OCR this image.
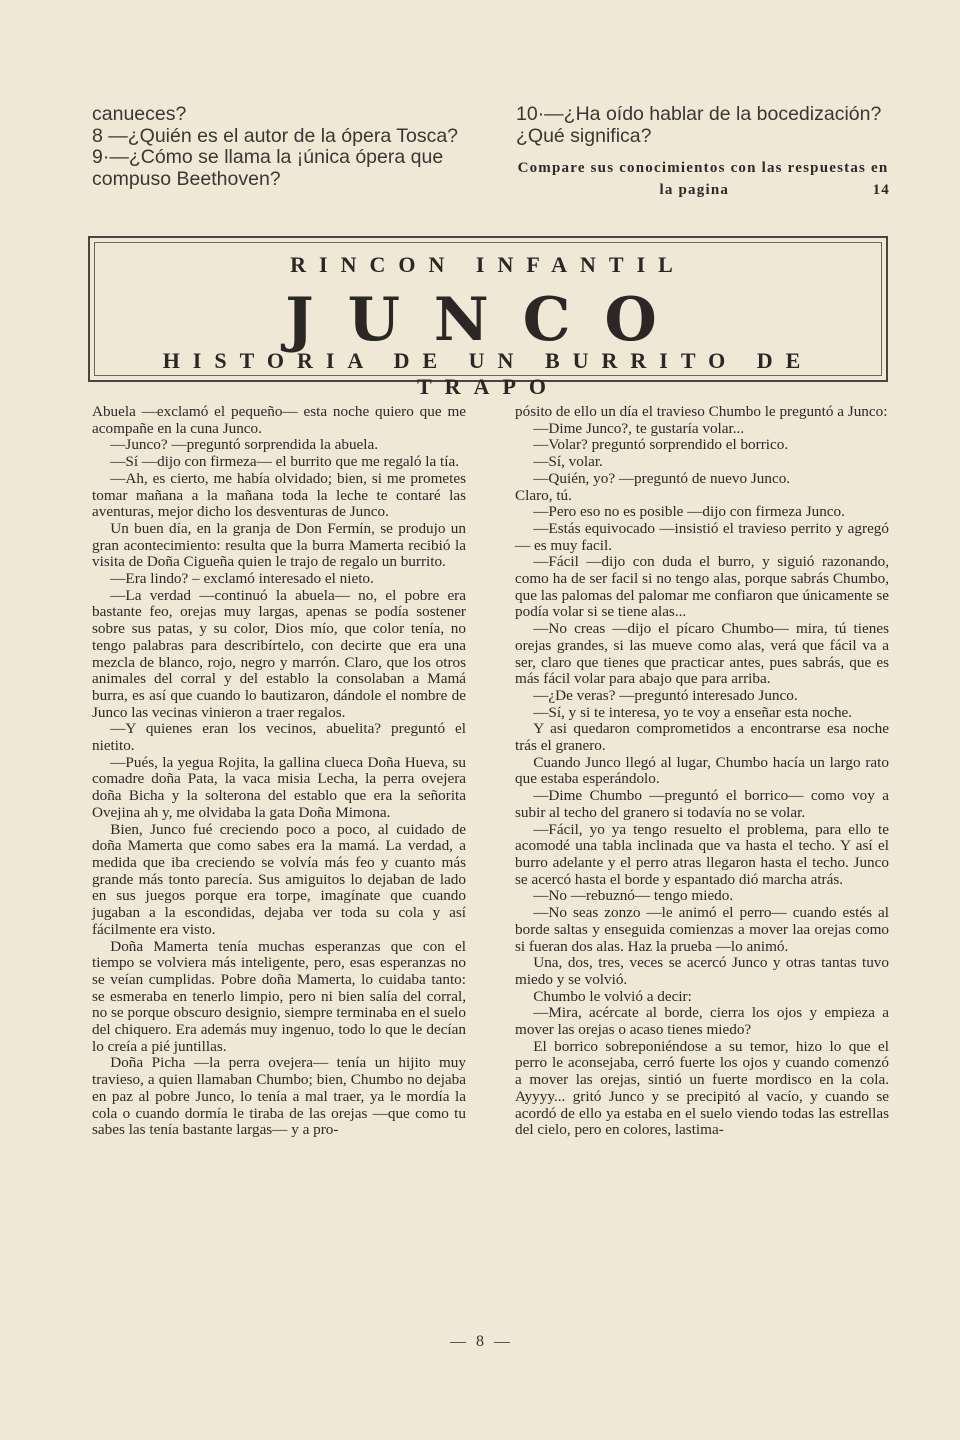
canueces?

8 —¿Quién es el autor de la ópera Tosca?

9·—¿Cómo se llama la ¡única ópera que compuso Beethoven?

10·—¿Ha oído hablar de la bocedización? ¿Qué significa?

Compare sus conocimientos con las respuestas en la pagina	14

RINCON INFANTIL
JUNCO
HISTORIA DE UN BURRITO DE TRAPO

Abuela —exclamó el pequeño— esta noche quiero que me acompañe en la cuna Junco.

—Junco? —preguntó sorprendida la abuela.

—Sí —dijo con firmeza— el burrito que me regaló la tía.

—Ah, es cierto, me había olvidado; bien, si me prometes tomar mañana a la mañana toda la leche te contaré las aventuras, mejor dicho los desventuras de Junco.

Un buen día, en la granja de Don Fermín, se produjo un gran acontecimiento: resulta que la burra Mamerta recibió la visita de Doña Cigueña quien le trajo de regalo un burrito.

—Era lindo? – exclamó interesado el nieto.

—La verdad —continuó la abuela— no, el pobre era bastante feo, orejas muy largas, apenas se podía sostener sobre sus patas, y su color, Dios mío, que color tenía, no tengo palabras para describírtelo, con decirte que era una mezcla de blanco, rojo, negro y marrón. Claro, que los otros animales del corral y del establo la consolaban a Mamá burra, es así que cuando lo bautizaron, dándole el nombre de Junco las vecinas vinieron a traer regalos.

—Y quienes eran los vecinos, abuelita? preguntó el nietito.

—Pués, la yegua Rojita, la gallina clueca Doña Hueva, su comadre doña Pata, la vaca misia Lecha, la perra ovejera doña Bicha y la solterona del establo que era la señorita Ovejina ah y, me olvidaba la gata Doña Mimona.

Bien, Junco fué creciendo poco a poco, al cuidado de doña Mamerta que como sabes era la mamá. La verdad, a medida que iba creciendo se volvía más feo y cuanto más grande más tonto parecía. Sus amiguitos lo dejaban de lado en sus juegos porque era torpe, imagínate que cuando jugaban a la escondidas, dejaba ver toda su cola y así fácilmente era visto.

Doña Mamerta tenía muchas esperanzas que con el tiempo se volviera más inteligente, pero, esas esperanzas no se veían cumplidas. Pobre doña Mamerta, lo cuidaba tanto: se esmeraba en tenerlo limpio, pero ni bien salía del corral, no se porque obscuro designio, siempre terminaba en el suelo del chiquero. Era además muy ingenuo, todo lo que le decían lo creía a pié juntillas.

Doña Picha —la perra ovejera— tenía un hijito muy travieso, a quien llamaban Chumbo; bien, Chumbo no dejaba en paz al pobre Junco, lo tenía a mal traer, ya le mordía la cola o cuando dormía le tiraba de las orejas —que como tu sabes las tenía bastante largas— y a pro-

pósito de ello un día el travieso Chumbo le preguntó a Junco:

—Dime Junco?, te gustaría volar...

—Volar? preguntó sorprendido el borrico.

—Sí, volar.

—Quién, yo? —preguntó de nuevo Junco.

Claro, tú.

—Pero eso no es posible —dijo con firmeza Junco.

—Estás equivocado —insistió el travieso perrito y agregó— es muy facil.

—Fácil —dijo con duda el burro, y siguió razonando, como ha de ser facil si no tengo alas, porque sabrás Chumbo, que las palomas del palomar me confiaron que únicamente se podía volar si se tiene alas...

—No creas —dijo el pícaro Chumbo— mira, tú tienes orejas grandes, si las mueve como alas, verá que fácil va a ser, claro que tienes que practicar antes, pues sabrás, que es más fácil volar para abajo que para arriba.

—¿De veras? —preguntó interesado Junco.

—Sí, y si te interesa, yo te voy a enseñar esta noche.

Y asi quedaron comprometidos a encontrarse esa noche trás el granero.

Cuando Junco llegó al lugar, Chumbo hacía un largo rato que estaba esperándolo.

—Dime Chumbo —preguntó el borrico— como voy a subir al techo del granero si todavía no se volar.

—Fácil, yo ya tengo resuelto el problema, para ello te acomodé una tabla inclinada que va hasta el techo. Y así el burro adelante y el perro atras llegaron hasta el techo. Junco se acercó hasta el borde y espantado dió marcha atrás.

—No —rebuznó— tengo miedo.

—No seas zonzo —le animó el perro— cuando estés al borde saltas y enseguida comienzas a mover laa orejas como si fueran dos alas. Haz la prueba —lo animó.

Una, dos, tres, veces se acercó Junco y otras tantas tuvo miedo y se volvió.

Chumbo le volvió a decir:

—Mira, acércate al borde, cierra los ojos y empieza a mover las orejas o acaso tienes miedo?

El borrico sobreponiéndose a su temor, hizo lo que el perro le aconsejaba, cerró fuerte los ojos y cuando comenzó a mover las orejas, sintió un fuerte mordisco en la cola. Ayyyy... gritó Junco y se precipitó al vacío, y cuando se acordó de ello ya estaba en el suelo viendo todas las estrellas del cielo, pero en colores, lastima-

8
